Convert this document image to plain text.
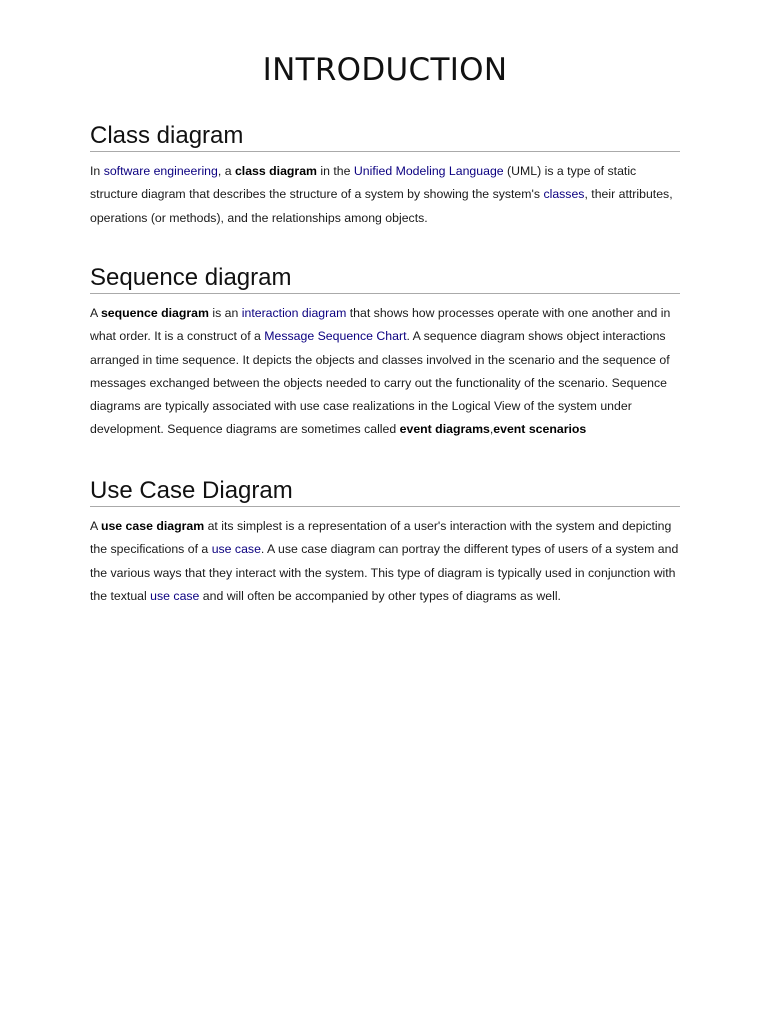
INTRODUCTION
Class diagram

In software engineering, a class diagram in the Unified Modeling Language (UML) is a type of static structure diagram that describes the structure of a system by showing the system's classes, their attributes, operations (or methods), and the relationships among objects.

Sequence diagram

A sequence diagram is an interaction diagram that shows how processes operate with one another and in what order. It is a construct of a Message Sequence Chart. A sequence diagram shows object interactions arranged in time sequence. It depicts the objects and classes involved in the scenario and the sequence of messages exchanged between the objects needed to carry out the functionality of the scenario. Sequence diagrams are typically associated with use case realizations in the Logical View of the system under development. Sequence diagrams are sometimes called event diagrams,event scenarios

Use Case Diagram

A use case diagram at its simplest is a representation of a user's interaction with the system and depicting the specifications of a use case. A use case diagram can portray the different types of users of a system and the various ways that they interact with the system. This type of diagram is typically used in conjunction with the textual use case and will often be accompanied by other types of diagrams as well.
